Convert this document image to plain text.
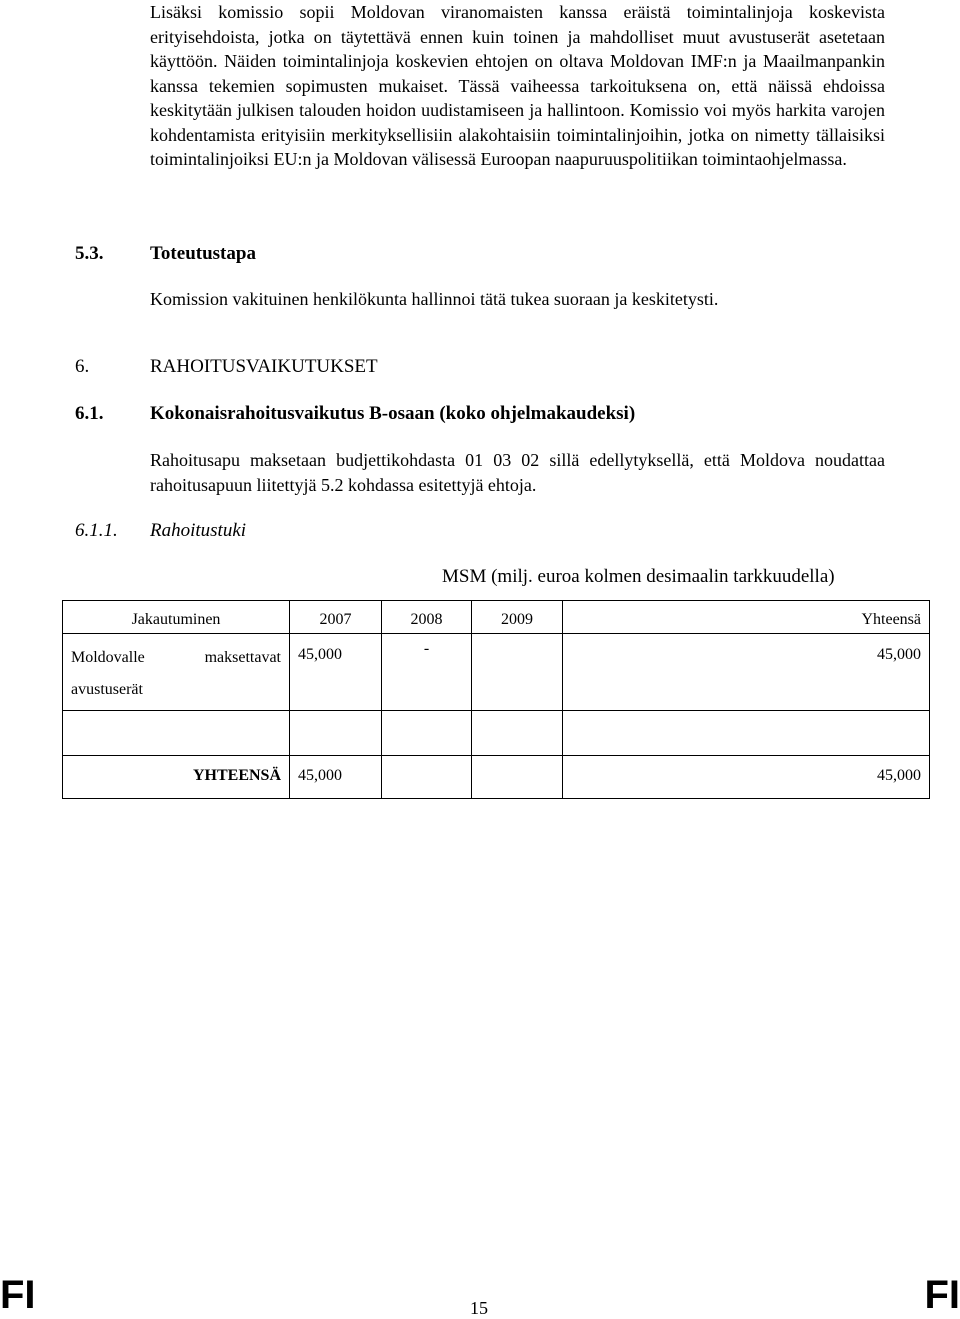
Lisäksi komissio sopii Moldovan viranomaisten kanssa eräistä toimintalinjoja koskevista erityisehdoista, jotka on täytettävä ennen kuin toinen ja mahdolliset muut avustuserät asetetaan käyttöön. Näiden toimintalinjoja koskevien ehtojen on oltava Moldovan IMF:n ja Maailmanpankin kanssa tekemien sopimusten mukaiset. Tässä vaiheessa tarkoituksena on, että näissä ehdoissa keskitytään julkisen talouden hoidon uudistamiseen ja hallintoon. Komissio voi myös harkita varojen kohdentamista erityisiin merkityksellisiin alakohtaisiin toimintalinjoihin, jotka on nimetty tällaisiksi toimintalinjoiksi EU:n ja Moldovan välisessä Euroopan naapuruuspolitiikan toimintaohjelmassa.
5.3. Toteutustapa
Komission vakituinen henkilökunta hallinnoi tätä tukea suoraan ja keskitetysti.
6.	RAHOITUSVAIKUTUKSET
6.1. Kokonaisrahoitusvaikutus B-osaan (koko ohjelmakaudeksi)
Rahoitusapu maksetaan budjettikohdasta 01 03 02 sillä edellytyksellä, että Moldova noudattaa rahoitusapuun liitettyjä 5.2 kohdassa esitettyjä ehtoja.
6.1.1. Rahoitustuki
MSM (milj. euroa kolmen desimaalin tarkkuudella)
Jakautuminen	2007	2008	2009	Yhteensä
Moldovalle maksettavat avustuserät	45,000	-		45,000

YHTEENSÄ	45,000			45,000
FI	15	FI
